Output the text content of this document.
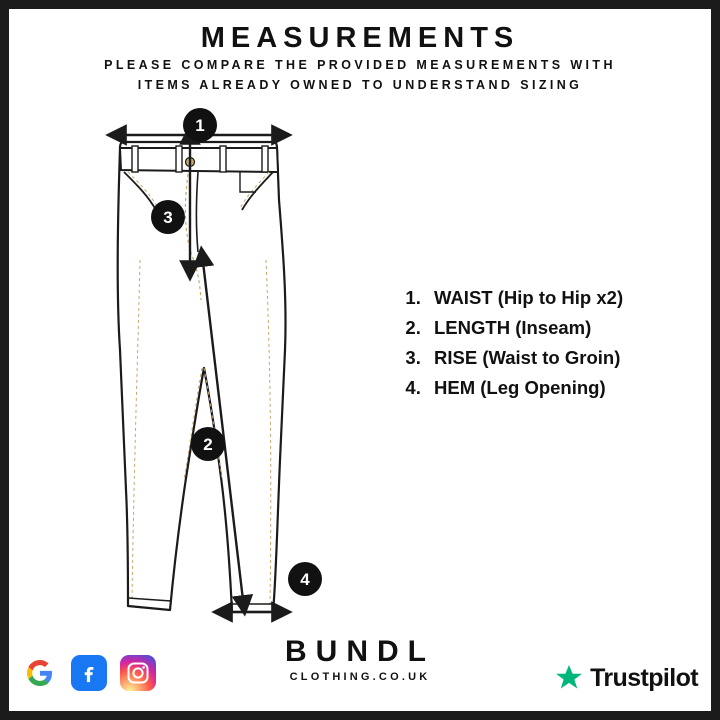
MEASUREMENTS
PLEASE COMPARE THE PROVIDED MEASUREMENTS WITH
ITEMS ALREADY OWNED TO UNDERSTAND SIZING
1
3
2
4
1. WAIST (Hip to Hip x2)
2. LENGTH (Inseam)
3. RISE (Waist to Groin)
4. HEM (Leg Opening)
BUNDL
CLOTHING.CO.UK	Trustpilot
